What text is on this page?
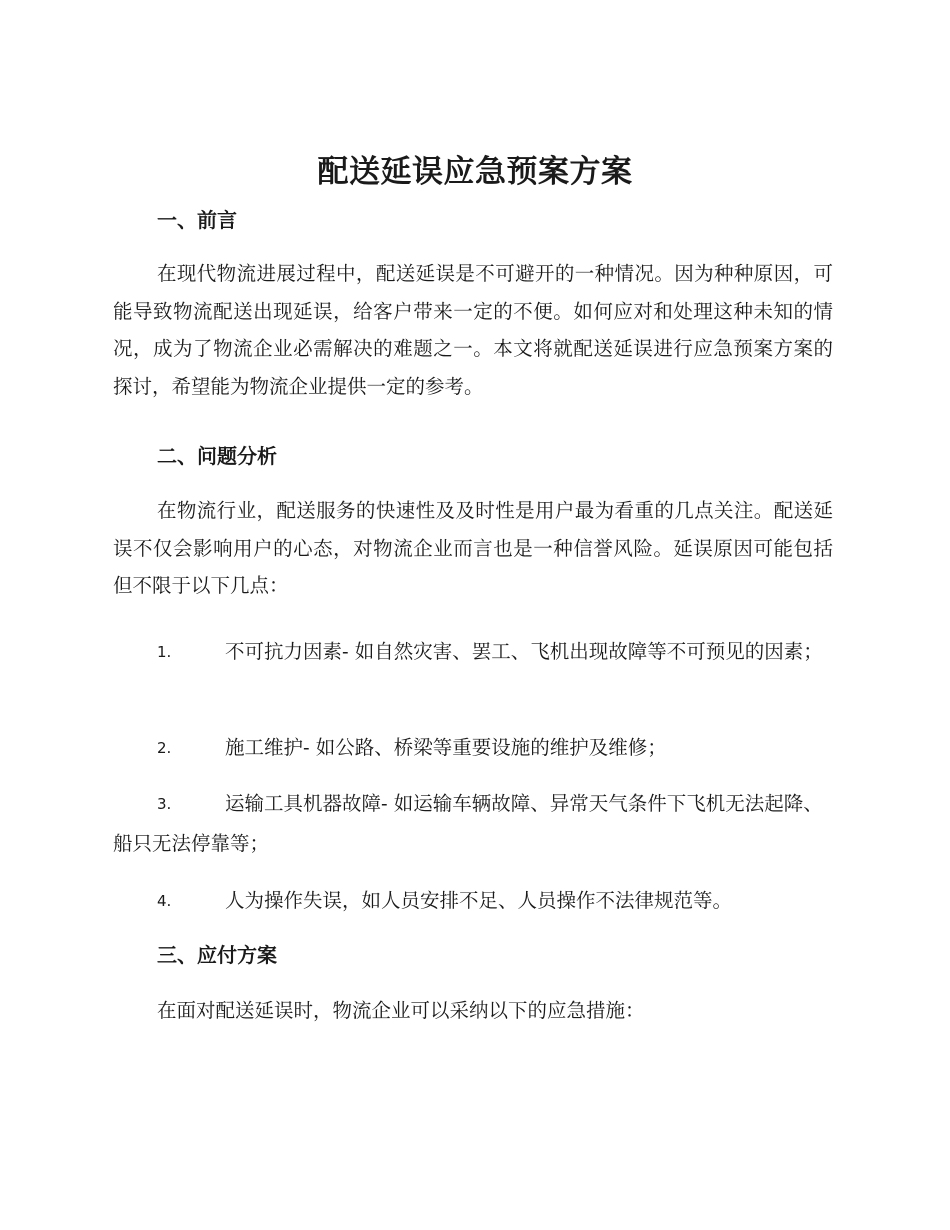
配送延误应急预案方案
一、前言
在现代物流进展过程中，配送延误是不可避开的一种情况。因为种种原因，可能导致物流配送出现延误，给客户带来一定的不便。如何应对和处理这种未知的情况，成为了物流企业必需解决的难题之一。本文将就配送延误进行应急预案方案的探讨，希望能为物流企业提供一定的参考。
二、问题分析
在物流行业，配送服务的快速性及及时性是用户最为看重的几点关注。配送延误不仅会影响用户的心态，对物流企业而言也是一种信誉风险。延误原因可能包括但不限于以下几点：
1.	不可抗力因素- 如自然灾害、罢工、飞机出现故障等不可预见的因素；
2.	施工维护- 如公路、桥梁等重要设施的维护及维修；
3.	运输工具机器故障- 如运输车辆故障、异常天气条件下飞机无法起降、船只无法停靠等；
4.	人为操作失误，如人员安排不足、人员操作不法律规范等。
三、应付方案
在面对配送延误时，物流企业可以采纳以下的应急措施：
